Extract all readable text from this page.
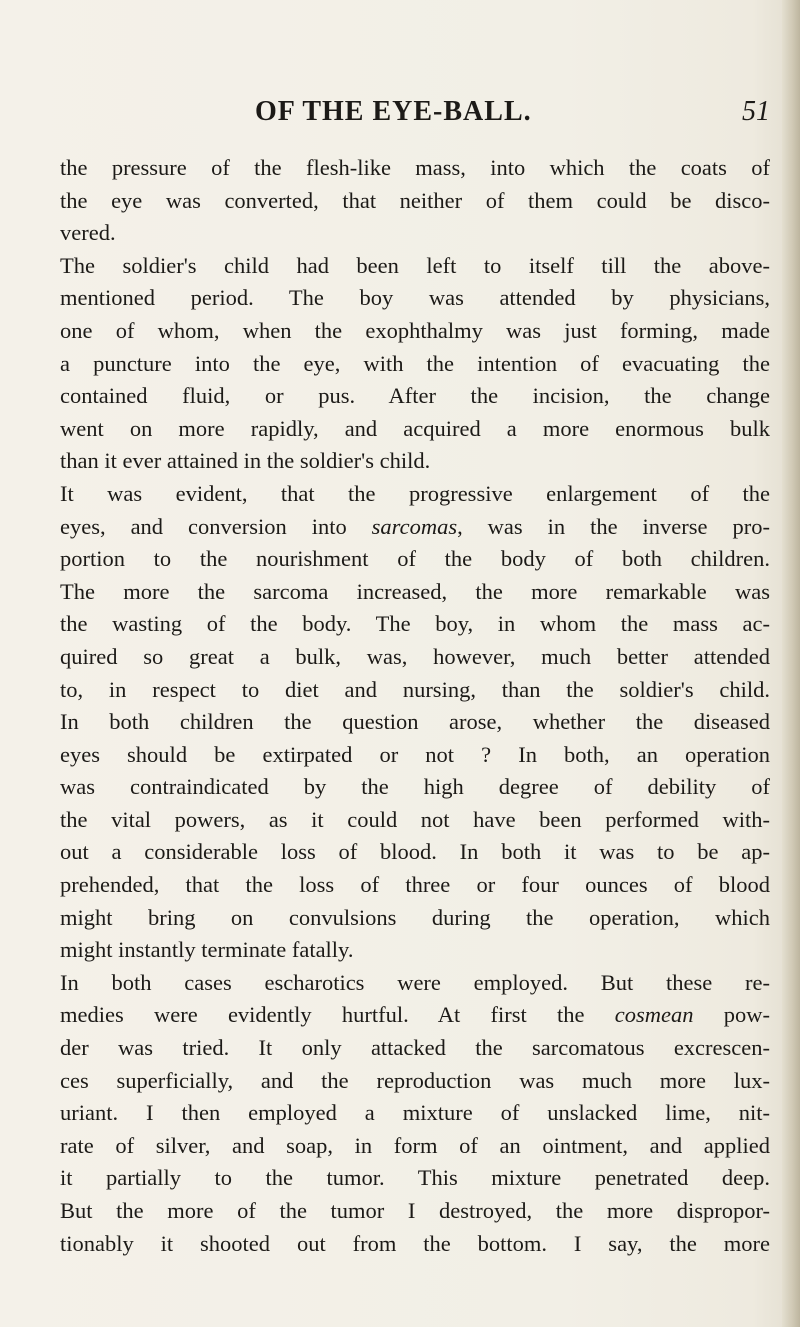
OF THE EYE-BALL.	51
the pressure of the flesh-like mass, into which the coats of
the eye was converted, that neither of them could be disco-
vered.
The soldier's child had been left to itself till the above-
mentioned period. The boy was attended by physicians,
one of whom, when the exophthalmy was just forming, made
a puncture into the eye, with the intention of evacuating the
contained fluid, or pus. After the incision, the change
went on more rapidly, and acquired a more enormous bulk
than it ever attained in the soldier's child.
It was evident, that the progressive enlargement of the
eyes, and conversion into sarcomas, was in the inverse pro-
portion to the nourishment of the body of both children.
The more the sarcoma increased, the more remarkable was
the wasting of the body. The boy, in whom the mass ac-
quired so great a bulk, was, however, much better attended
to, in respect to diet and nursing, than the soldier's child.
In both children the question arose, whether the diseased
eyes should be extirpated or not ? In both, an operation
was contraindicated by the high degree of debility of
the vital powers, as it could not have been performed with-
out a considerable loss of blood. In both it was to be ap-
prehended, that the loss of three or four ounces of blood
might bring on convulsions during the operation, which
might instantly terminate fatally.
In both cases escharotics were employed. But these re-
medies were evidently hurtful. At first the cosmean pow-
der was tried. It only attacked the sarcomatous excrescen-
ces superficially, and the reproduction was much more lux-
uriant. I then employed a mixture of unslacked lime, nit-
rate of silver, and soap, in form of an ointment, and applied
it partially to the tumor. This mixture penetrated deep.
But the more of the tumor I destroyed, the more dispropor-
tionably it shooted out from the bottom. I say, the more
